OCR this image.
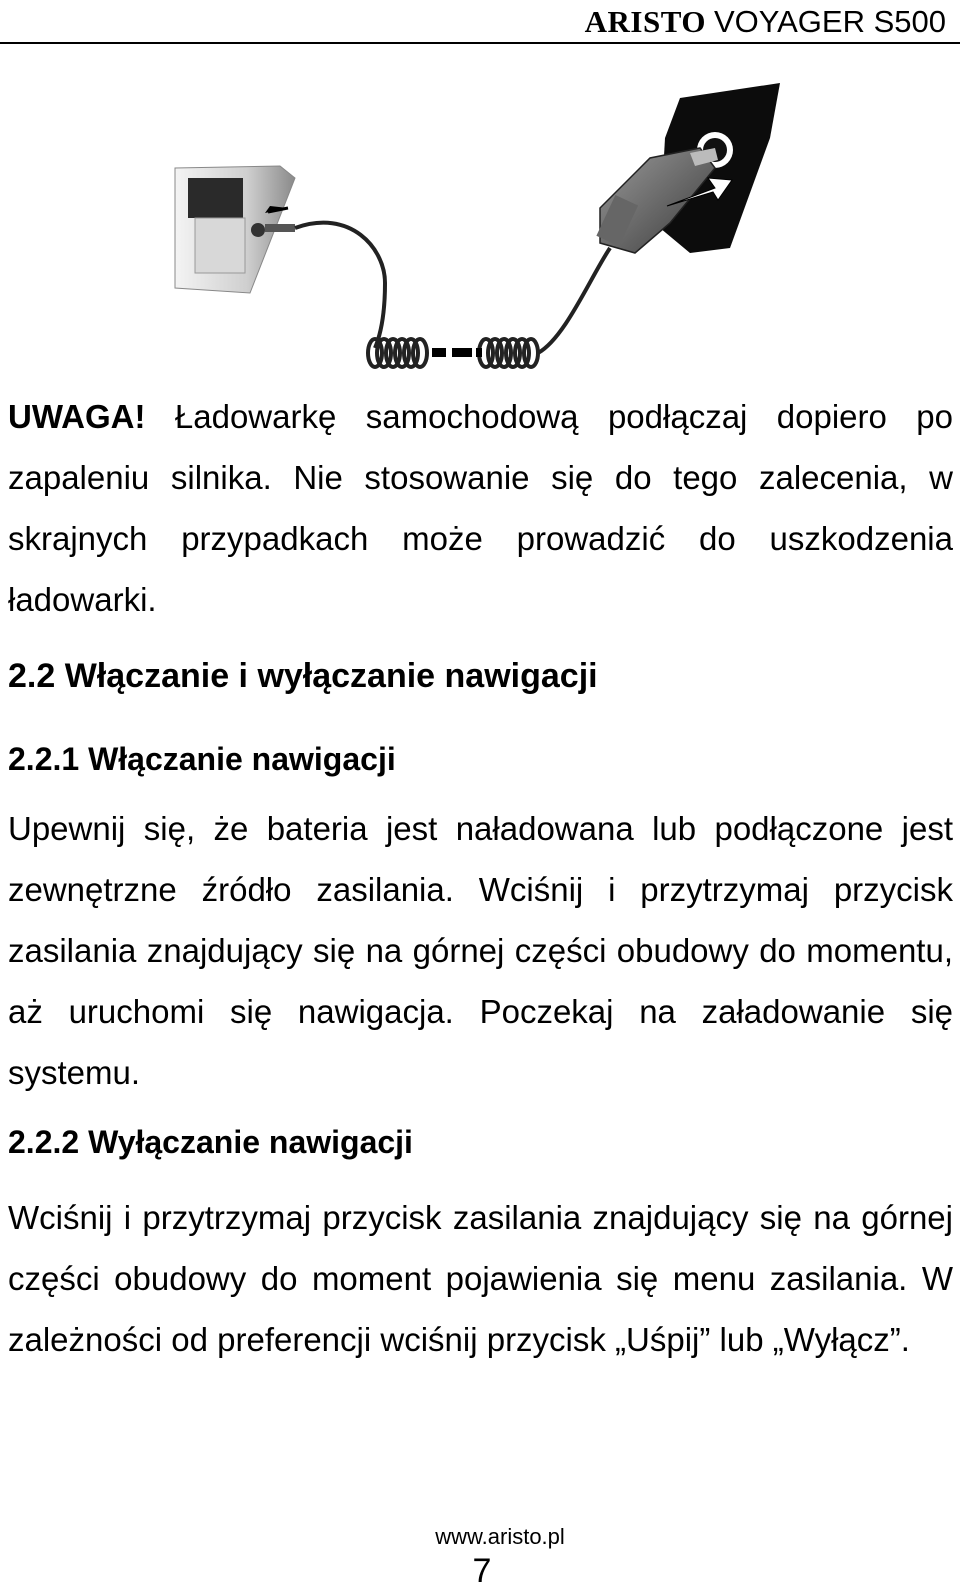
ARISTO VOYAGER S500

UWAGA! Ładowarkę samochodową podłączaj dopiero po zapaleniu silnika. Nie stosowanie się do tego zalecenia, w skrajnych przypadkach może prowadzić do uszkodzenia ładowarki.

2.2 Włączanie i wyłączanie nawigacji
2.2.1 Włączanie nawigacji

Upewnij się, że bateria jest naładowana lub podłączone jest zewnętrzne źródło zasilania. Wciśnij i przytrzymaj przycisk zasilania znajdujący się na górnej części obudowy do momentu, aż uruchomi się nawigacja. Poczekaj na załadowanie się systemu.

2.2.2 Wyłączanie nawigacji

Wciśnij i przytrzymaj przycisk zasilania znajdujący się na górnej części obudowy do moment pojawienia się menu zasilania. W zależności od preferencji wciśnij przycisk „Uśpij” lub „Wyłącz”.

www.aristo.pl
7
